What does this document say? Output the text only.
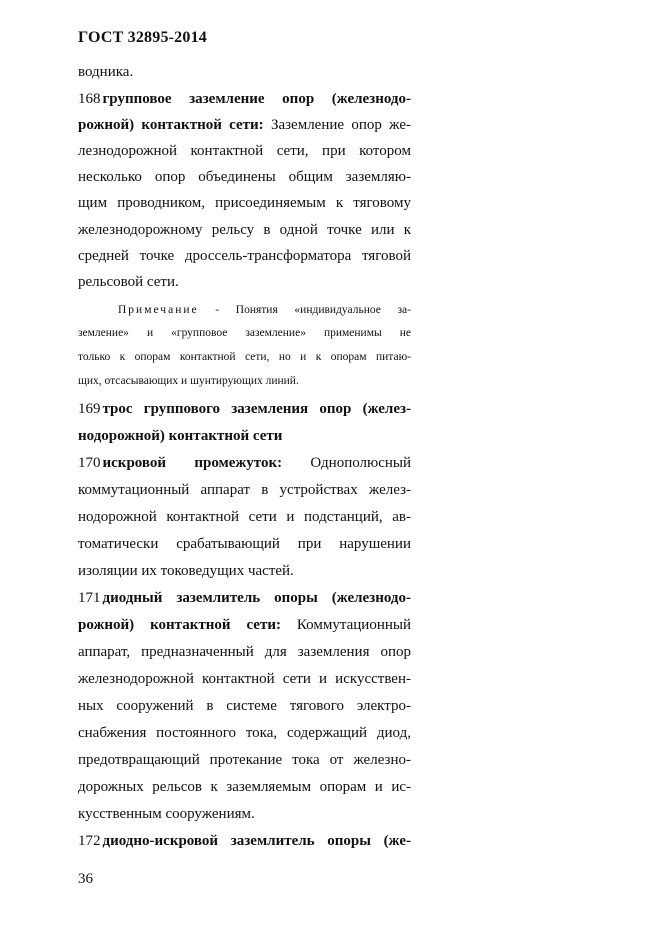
ГОСТ 32895-2014
водника.
168 групповое заземление опор (железнодо-
рожной) контактной сети: Заземление опор же-
лезнодорожной контактной сети, при котором
несколько опор объединены общим заземляю-
щим проводником, присоединяемым к тяговому
железнодорожному рельсу в одной точке или к
средней точке дроссель-трансформатора тяговой
рельсовой сети.
Примечание - Понятия «индивидуальное за-
земление» и «групповое заземление» применимы не
только к опорам контактной сети, но и к опорам питаю-
щих, отсасывающих и шунтирующих линий.
169 трос группового заземления опор (желез-
нодорожной) контактной сети
170 искровой промежуток: Однополюсный
коммутационный аппарат в устройствах желез-
нодорожной контактной сети и подстанций, ав-
томатически срабатывающий при нарушении
изоляции их токоведущих частей.
171 диодный заземлитель опоры (железнодо-
рожной) контактной сети: Коммутационный
аппарат, предназначенный для заземления опор
железнодорожной контактной сети и искусствен-
ных сооружений в системе тягового электро-
снабжения постоянного тока, содержащий диод,
предотвращающий протекание тока от железно-
дорожных рельсов к заземляемым опорам и ис-
кусственным сооружениям.
172 диодно-искровой заземлитель опоры (же-
36
